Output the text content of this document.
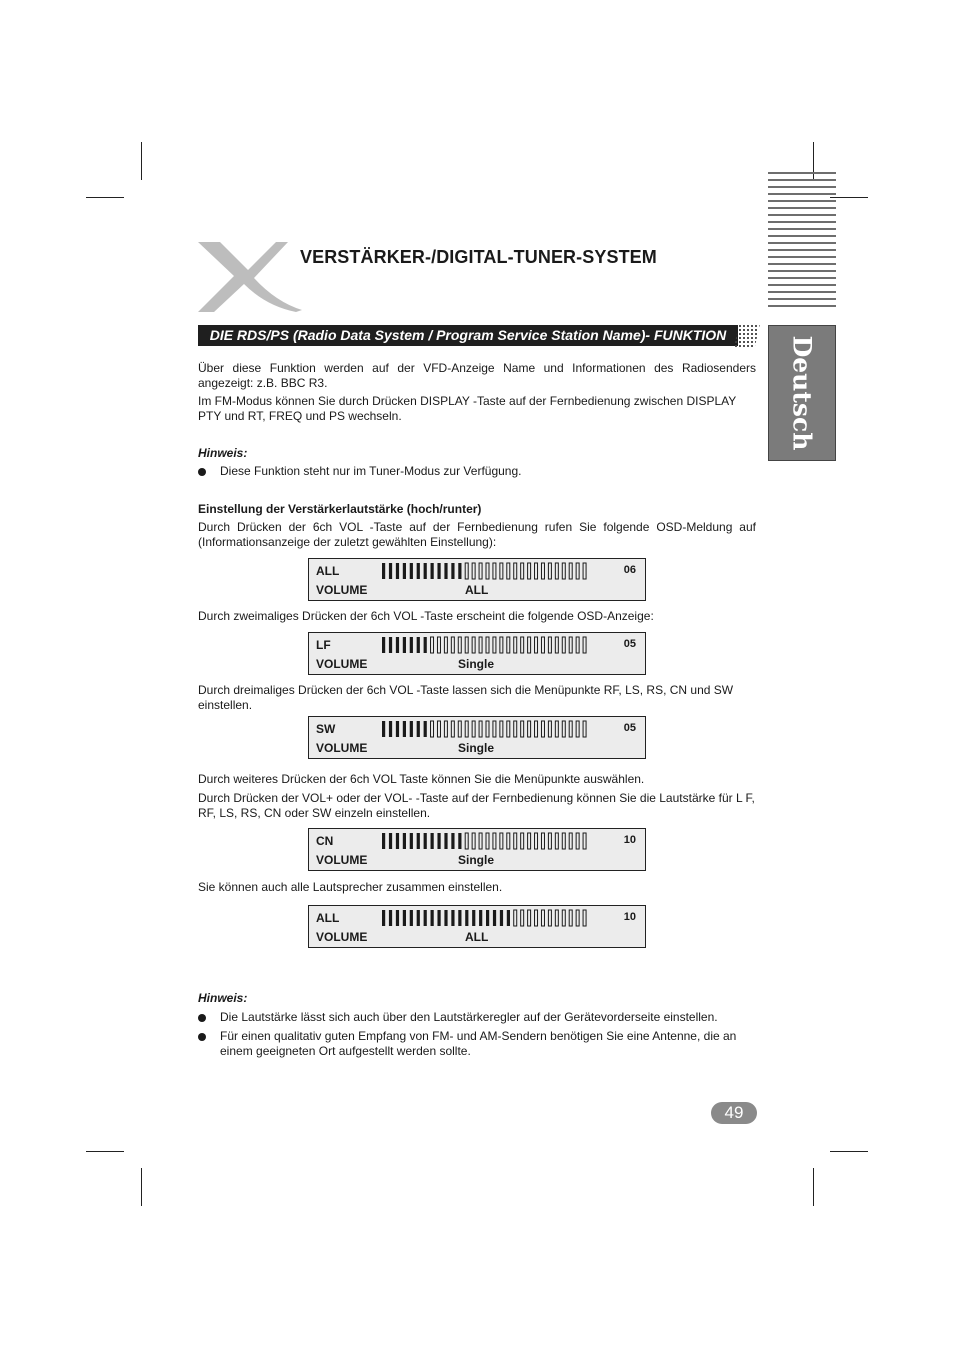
VERSTÄRKER-/DIGITAL-TUNER-SYSTEM
Deutsch
DIE RDS/PS (Radio Data System / Program Service Station Name)- FUNKTION
Über diese Funktion werden auf der VFD-Anzeige Name und Informationen des Radiosenders angezeigt: z.B. BBC R3.
Im FM-Modus können Sie durch Drücken DISPLAY -Taste auf der Fernbedienung zwischen DISPLAY PTY und RT, FREQ und PS wechseln.
Hinweis:
Diese Funktion steht nur im Tuner-Modus zur Verfügung.
Einstellung der Verstärkerlautstärke (hoch/runter)
Durch Drücken der 6ch VOL -Taste auf der Fernbedienung rufen Sie folgende OSD-Meldung auf (Informationsanzeige der zuletzt gewählten Einstellung):
ALL	06
VOLUME	ALL
Durch zweimaliges Drücken der 6ch VOL -Taste erscheint die folgende OSD-Anzeige:
LF	05
VOLUME	Single
Durch dreimaliges Drücken der 6ch VOL -Taste lassen sich die Menüpunkte RF, LS, RS, CN und SW einstellen.
SW	05
VOLUME	Single
Durch weiteres Drücken der 6ch VOL Taste können Sie die Menüpunkte auswählen.
Durch Drücken der VOL+ oder der VOL- -Taste auf der Fernbedienung können Sie die Lautstärke für L F, RF, LS, RS, CN oder SW einzeln einstellen.
CN	10
VOLUME	Single
Sie können auch alle Lautsprecher zusammen einstellen.
ALL	10
VOLUME	ALL
Hinweis:
Die Lautstärke lässt sich auch über den Lautstärkeregler auf der Gerätevorderseite einstellen.
Für einen qualitativ guten Empfang von FM- und AM-Sendern benötigen Sie eine Antenne, die an einem geeigneten Ort aufgestellt werden sollte.
49
